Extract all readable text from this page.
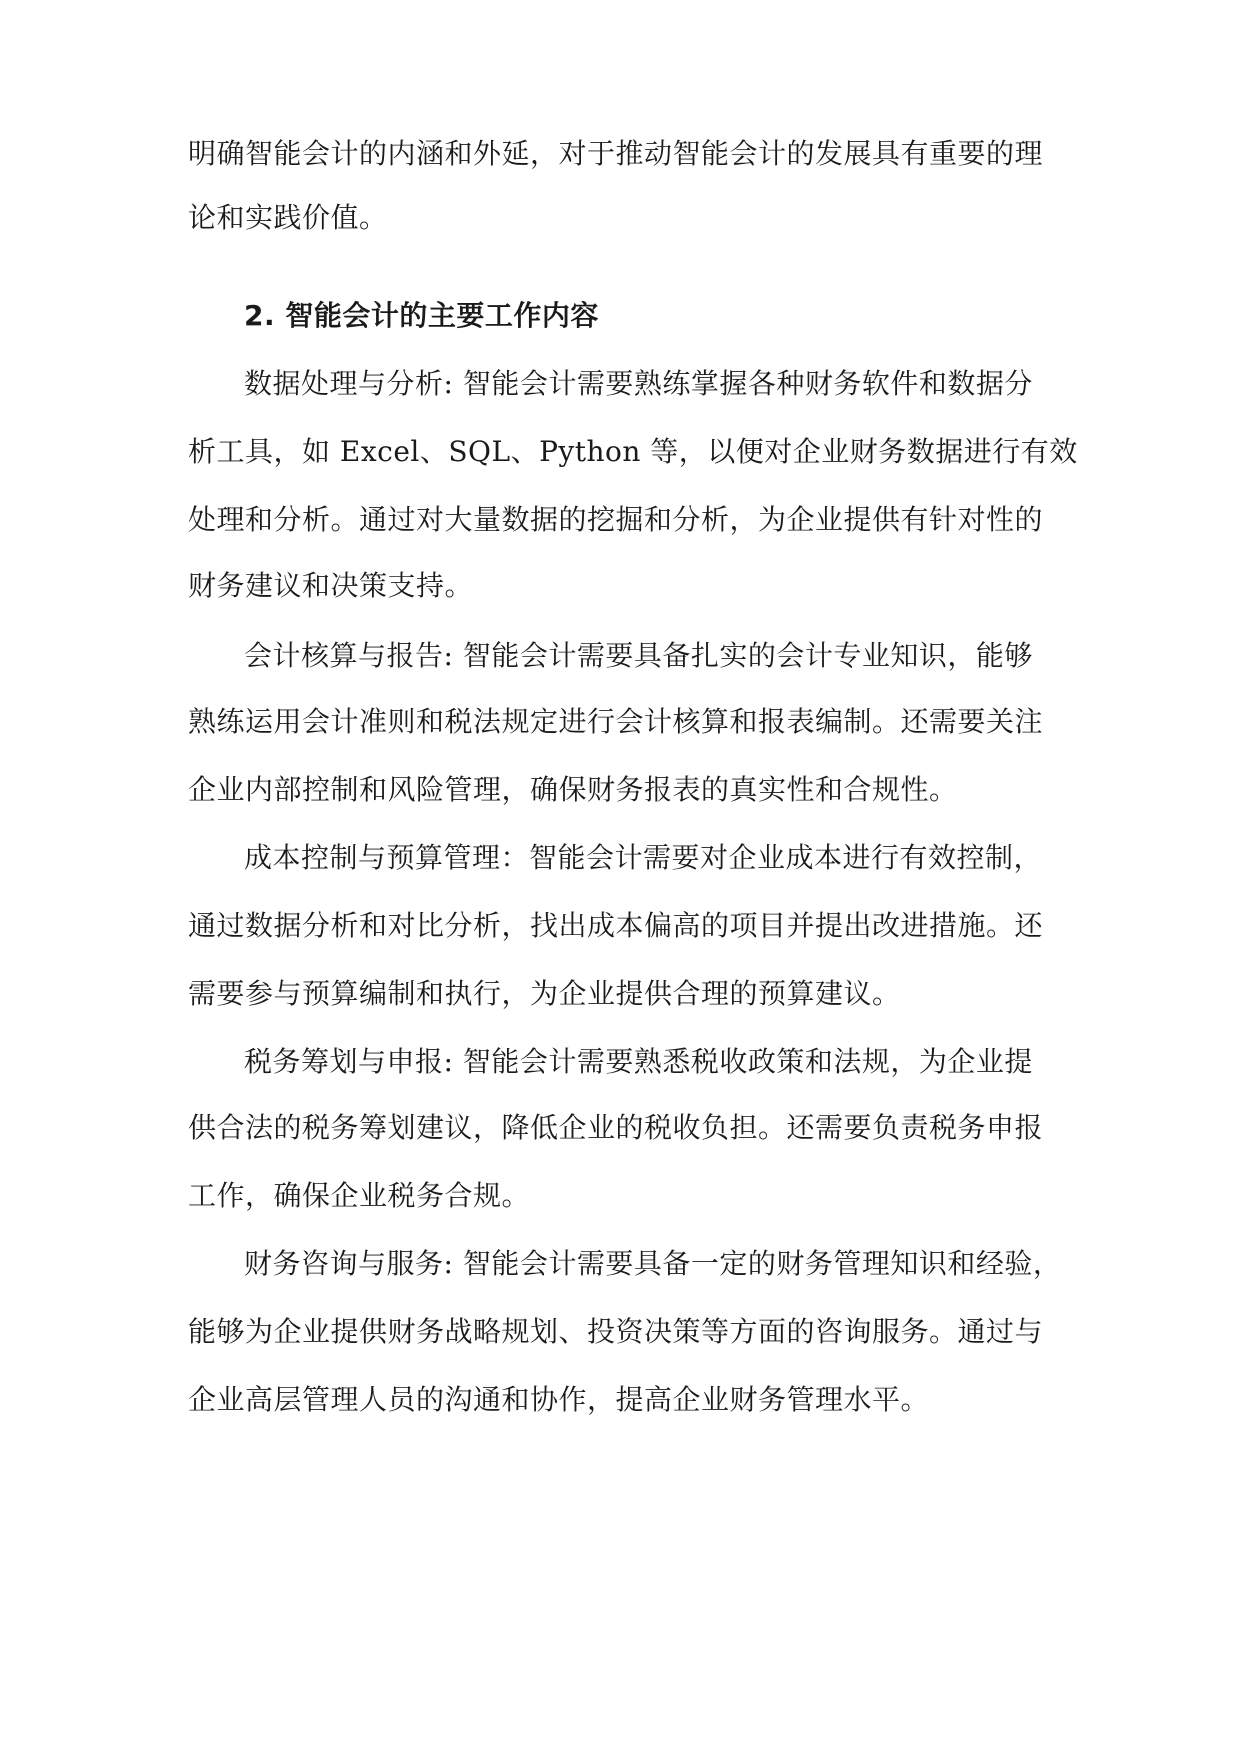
明确智能会计的内涵和外延，对于推动智能会计的发展具有重要的理
论和实践价值。
2. 智能会计的主要工作内容
数据处理与分析: 智能会计需要熟练掌握各种财务软件和数据分
析工具，如 Excel、SQL、Python 等，以便对企业财务数据进行有效
处理和分析。通过对大量数据的挖掘和分析，为企业提供有针对性的
财务建议和决策支持。
会计核算与报告: 智能会计需要具备扎实的会计专业知识，能够
熟练运用会计准则和税法规定进行会计核算和报表编制。还需要关注
企业内部控制和风险管理，确保财务报表的真实性和合规性。
成本控制与预算管理：智能会计需要对企业成本进行有效控制，
通过数据分析和对比分析，找出成本偏高的项目并提出改进措施。还
需要参与预算编制和执行，为企业提供合理的预算建议。
税务筹划与申报: 智能会计需要熟悉税收政策和法规，为企业提
供合法的税务筹划建议，降低企业的税收负担。还需要负责税务申报
工作，确保企业税务合规。
财务咨询与服务: 智能会计需要具备一定的财务管理知识和经验，
能够为企业提供财务战略规划、投资决策等方面的咨询服务。通过与
企业高层管理人员的沟通和协作，提高企业财务管理水平。
